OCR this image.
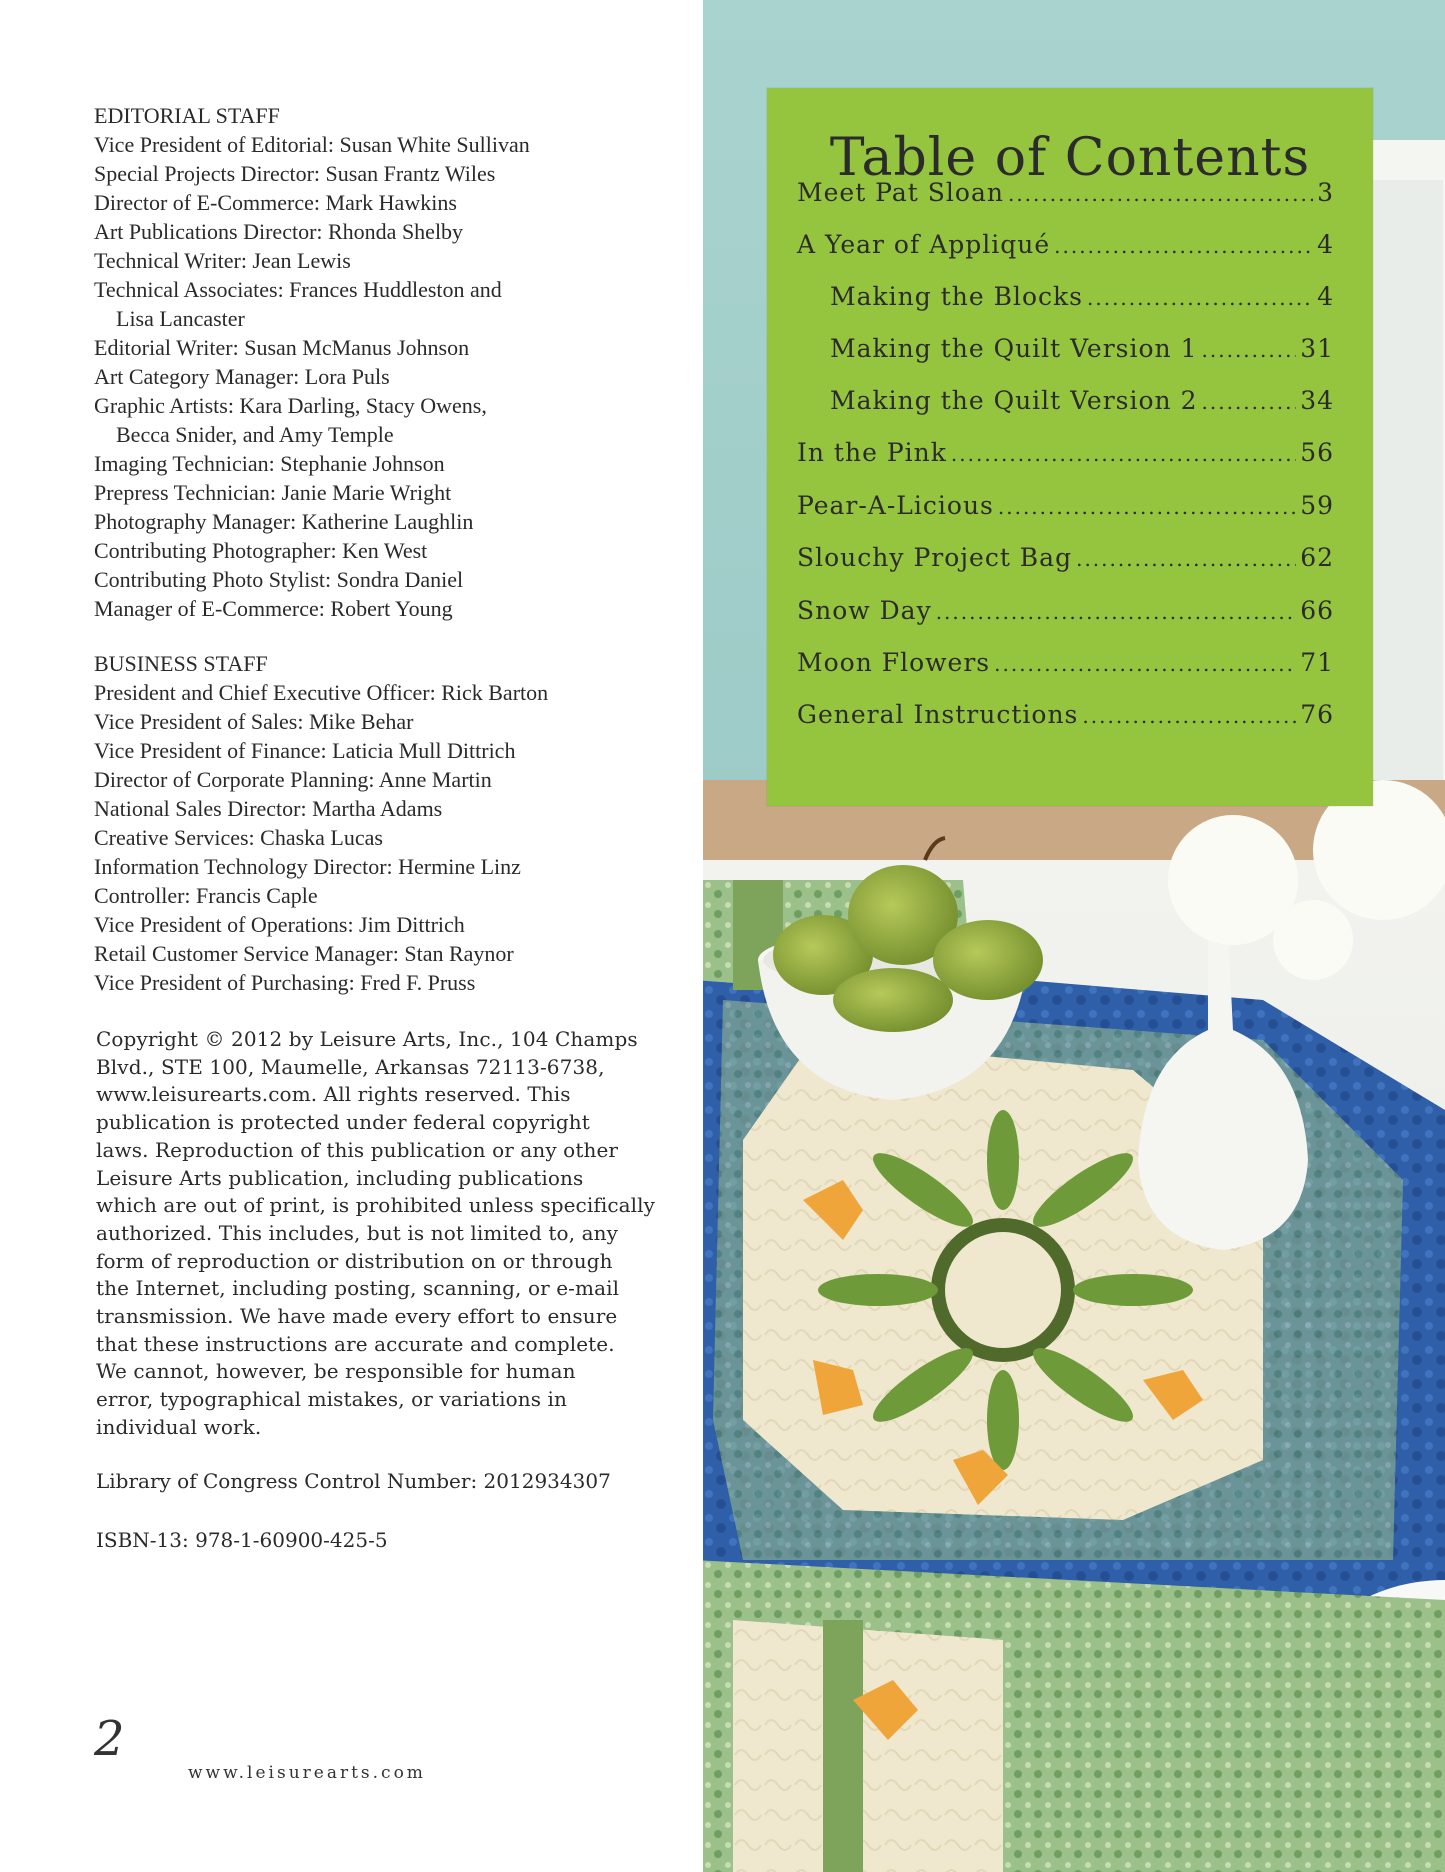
EDITORIAL STAFF
Vice President of Editorial: Susan White Sullivan
Special Projects Director: Susan Frantz Wiles
Director of E-Commerce: Mark Hawkins
Art Publications Director: Rhonda Shelby
Technical Writer: Jean Lewis
Technical Associates: Frances Huddleston and
Lisa Lancaster
Editorial Writer: Susan McManus Johnson
Art Category Manager: Lora Puls
Graphic Artists: Kara Darling, Stacy Owens,
Becca Snider, and Amy Temple
Imaging Technician: Stephanie Johnson
Prepress Technician: Janie Marie Wright
Photography Manager: Katherine Laughlin
Contributing Photographer: Ken West
Contributing Photo Stylist: Sondra Daniel
Manager of E-Commerce: Robert Young
BUSINESS STAFF
President and Chief Executive Officer: Rick Barton
Vice President of Sales: Mike Behar
Vice President of Finance: Laticia Mull Dittrich
Director of Corporate Planning: Anne Martin
National Sales Director: Martha Adams
Creative Services: Chaska Lucas
Information Technology Director: Hermine Linz
Controller: Francis Caple
Vice President of Operations: Jim Dittrich
Retail Customer Service Manager: Stan Raynor
Vice President of Purchasing: Fred F. Pruss
Copyright © 2012 by Leisure Arts, Inc., 104 Champs
Blvd., STE 100, Maumelle, Arkansas 72113-6738,
www.leisurearts.com. All rights reserved. This
publication is protected under federal copyright
laws. Reproduction of this publication or any other
Leisure Arts publication, including publications
which are out of print, is prohibited unless specifically
authorized. This includes, but is not limited to, any
form of reproduction or distribution on or through
the Internet, including posting, scanning, or e-mail
transmission. We have made every effort to ensure
that these instructions are accurate and complete.
We cannot, however, be responsible for human
error, typographical mistakes, or variations in
individual work.
Library of Congress Control Number: 2012934307
ISBN-13: 978-1-60900-425-5
2
www.leisurearts.com
Table of Contents
Meet Pat Sloan .....	3
A Year of Appliqué .....	4
Making the Blocks .....	4
Making the Quilt Version 1 .....	31
Making the Quilt Version 2 .....	34
In the Pink .....	56
Pear-A-Licious .....	59
Slouchy Project Bag .....	62
Snow Day .....	66
Moon Flowers .....	71
General Instructions .....	76
